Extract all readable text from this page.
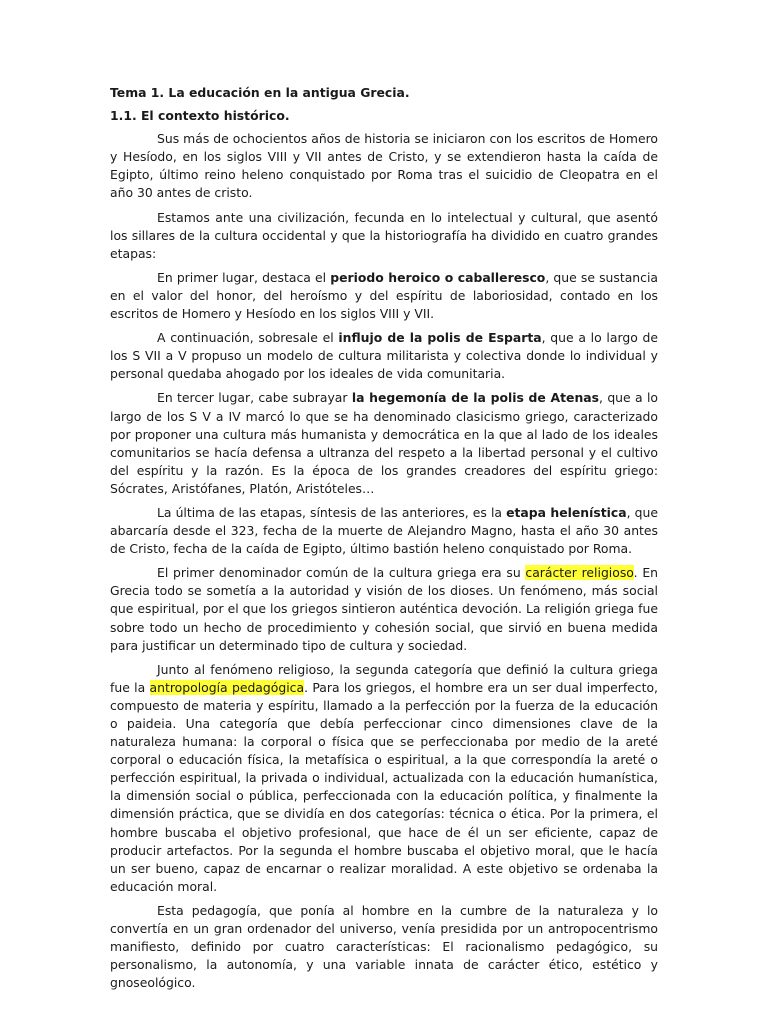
Tema 1. La educación en la antigua Grecia.

1.1. El contexto histórico.

Sus más de ochocientos años de historia se iniciaron con los escritos de Homero y Hesíodo, en los siglos VIII y VII antes de Cristo, y se extendieron hasta la caída de Egipto, último reino heleno conquistado por Roma tras el suicidio de Cleopatra en el año 30 antes de cristo.

Estamos ante una civilización, fecunda en lo intelectual y cultural, que asentó los sillares de la cultura occidental y que la historiografía ha dividido en cuatro grandes etapas:

En primer lugar, destaca el periodo heroico o caballeresco, que se sustancia en el valor del honor, del heroísmo y del espíritu de laboriosidad, contado en los escritos de Homero y Hesíodo en los siglos VIII y VII.

A continuación, sobresale el influjo de la polis de Esparta, que a lo largo de los S VII a V propuso un modelo de cultura militarista y colectiva donde lo individual y personal quedaba ahogado por los ideales de vida comunitaria.

En tercer lugar, cabe subrayar la hegemonía de la polis de Atenas, que a lo largo de los S V a IV marcó lo que se ha denominado clasicismo griego, caracterizado por proponer una cultura más humanista y democrática en la que al lado de los ideales comunitarios se hacía defensa a ultranza del respeto a la libertad personal y el cultivo del espíritu y la razón. Es la época de los grandes creadores del espíritu griego: Sócrates, Aristófanes, Platón, Aristóteles…

La última de las etapas, síntesis de las anteriores, es la etapa helenística, que abarcaría desde el 323, fecha de la muerte de Alejandro Magno, hasta el año 30 antes de Cristo, fecha de la caída de Egipto, último bastión heleno conquistado por Roma.

El primer denominador común de la cultura griega era su carácter religioso. En Grecia todo se sometía a la autoridad y visión de los dioses. Un fenómeno, más social que espiritual, por el que los griegos sintieron auténtica devoción. La religión griega fue sobre todo un hecho de procedimiento y cohesión social, que sirvió en buena medida para justificar un determinado tipo de cultura y sociedad.

Junto al fenómeno religioso, la segunda categoría que definió la cultura griega fue la antropología pedagógica. Para los griegos, el hombre era un ser dual imperfecto, compuesto de materia y espíritu, llamado a la perfección por la fuerza de la educación o paideia. Una categoría que debía perfeccionar cinco dimensiones clave de la naturaleza humana: la corporal o física que se perfeccionaba por medio de la areté corporal o educación física, la metafísica o espiritual, a la que correspondía la areté o perfección espiritual, la privada o individual, actualizada con la educación humanística, la dimensión social o pública, perfeccionada con la educación política, y finalmente la dimensión práctica, que se dividía en dos categorías: técnica o ética. Por la primera, el hombre buscaba el objetivo profesional, que hace de él un ser eficiente, capaz de producir artefactos. Por la segunda el hombre buscaba el objetivo moral, que le hacía un ser bueno, capaz de encarnar o realizar moralidad. A este objetivo se ordenaba la educación moral.

Esta pedagogía, que ponía al hombre en la cumbre de la naturaleza y lo convertía en un gran ordenador del universo, venía presidida por un antropocentrismo manifiesto, definido por cuatro características: El racionalismo pedagógico, su personalismo, la autonomía, y una variable innata de carácter ético, estético y gnoseológico.
